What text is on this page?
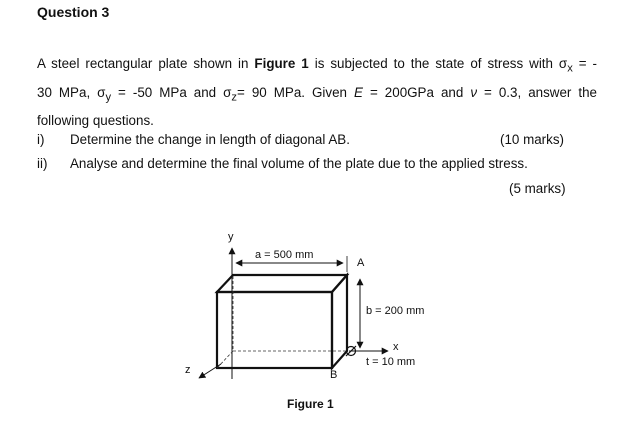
Question 3
A steel rectangular plate shown in Figure 1 is subjected to the state of stress with $\sigma_x$ = -
30 MPa, $\sigma_y = -50$ MPa and $\sigma_z= 90$ MPa. Given E = 200GPa and ν = 0.3, answer the
following questions.
i) Determine the change in length of diagonal AB.	(10 marks)
ii) Analyse and determine the final volume of the plate due to the applied stress.
(5 marks)
y
a = 500 mm
A
b = 200 mm
x
t = 10 mm
z	B
Figure 1
